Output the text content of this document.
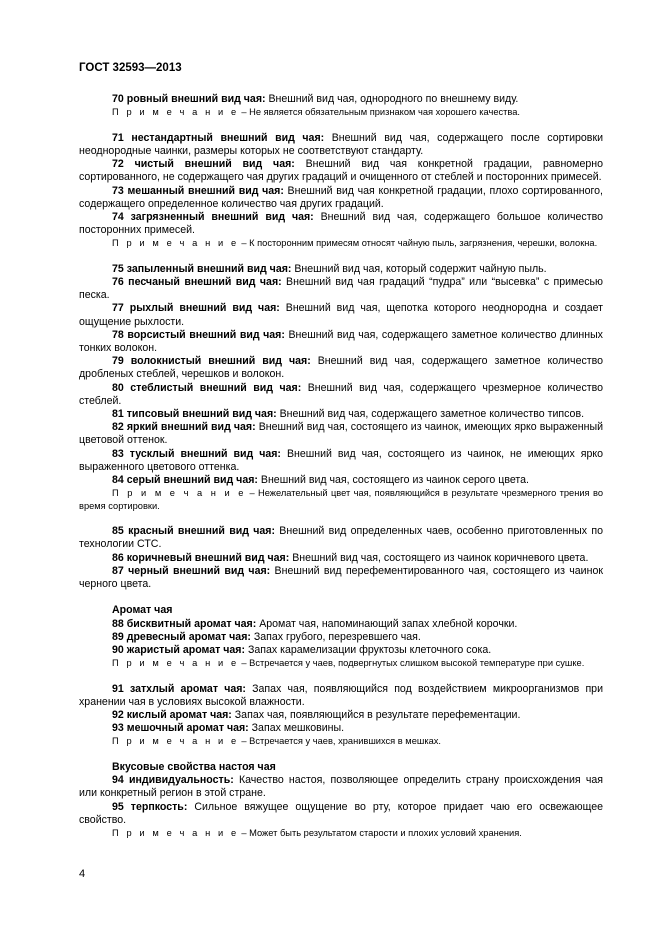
ГОСТ 32593—2013

70 ровный внешний вид чая: Внешний вид чая, однородного по внешнему виду.

П р и м е ч а н и е – Не является обязательным признаком чая хорошего качества.

71 нестандартный внешний вид чая: Внешний вид чая, содержащего после сортировки неоднородные чаинки, размеры которых не соответствуют стандарту.

72 чистый внешний вид чая: Внешний вид чая конкретной градации, равномерно сортированного, не содержащего чая других градаций и очищенного от стеблей и посторонних примесей.

73 мешанный внешний вид чая: Внешний вид чая конкретной градации, плохо сортированного, содержащего определенное количество чая других градаций.

74 загрязненный внешний вид чая: Внешний вид чая, содержащего большое количество посторонних примесей.

П р и м е ч а н и е – К посторонним примесям относят чайную пыль, загрязнения, черешки, волокна.

75 запыленный внешний вид чая: Внешний вид чая, который содержит чайную пыль.

76 песчаный внешний вид чая: Внешний вид чая градаций “пудра” или “высевка” с примесью песка.

77 рыхлый внешний вид чая: Внешний вид чая, щепотка которого неоднородна и создает ощущение рыхлости.

78 ворсистый внешний вид чая: Внешний вид чая, содержащего заметное количество длинных тонких волокон.

79 волокнистый внешний вид чая: Внешний вид чая, содержащего заметное количество дробленых стеблей, черешков и волокон.

80 стеблистый внешний вид чая: Внешний вид чая, содержащего чрезмерное количество стеблей.

81 типсовый внешний вид чая: Внешний вид чая, содержащего заметное количество типсов.

82 яркий внешний вид чая: Внешний вид чая, состоящего из чаинок, имеющих ярко выраженный цветовой оттенок.

83 тусклый внешний вид чая: Внешний вид чая, состоящего из чаинок, не имеющих ярко выраженного цветового оттенка.

84 серый внешний вид чая: Внешний вид чая, состоящего из чаинок серого цвета.

П р и м е ч а н и е – Нежелательный цвет чая, появляющийся в результате чрезмерного трения во время сортировки.

85 красный внешний вид чая: Внешний вид определенных чаев, особенно приготовленных по технологии СТС.

86 коричневый внешний вид чая: Внешний вид чая, состоящего из чаинок коричневого цвета.

87 черный внешний вид чая: Внешний вид перефементированного чая, состоящего из чаинок черного цвета.

Аромат чая

88 бисквитный аромат чая: Аромат чая, напоминающий запах хлебной корочки.

89 древесный аромат чая: Запах грубого, перезревшего чая.

90 жаристый аромат чая: Запах карамелизации фруктозы клеточного сока.

П р и м е ч а н и е – Встречается у чаев, подвергнутых слишком высокой температуре при сушке.

91 затхлый аромат чая: Запах чая, появляющийся под воздействием микроорганизмов при хранении чая в условиях высокой влажности.

92 кислый аромат чая: Запах чая, появляющийся в результате перефементации.

93 мешочный аромат чая: Запах мешковины.

П р и м е ч а н и е – Встречается у чаев, хранившихся в мешках.

Вкусовые свойства настоя чая

94 индивидуальность: Качество настоя, позволяющее определить страну происхождения чая или конкретный регион в этой стране.

95 терпкость: Сильное вяжущее ощущение во рту, которое придает чаю его освежающее свойство.

П р и м е ч а н и е – Может быть результатом старости и плохих условий хранения.

4
